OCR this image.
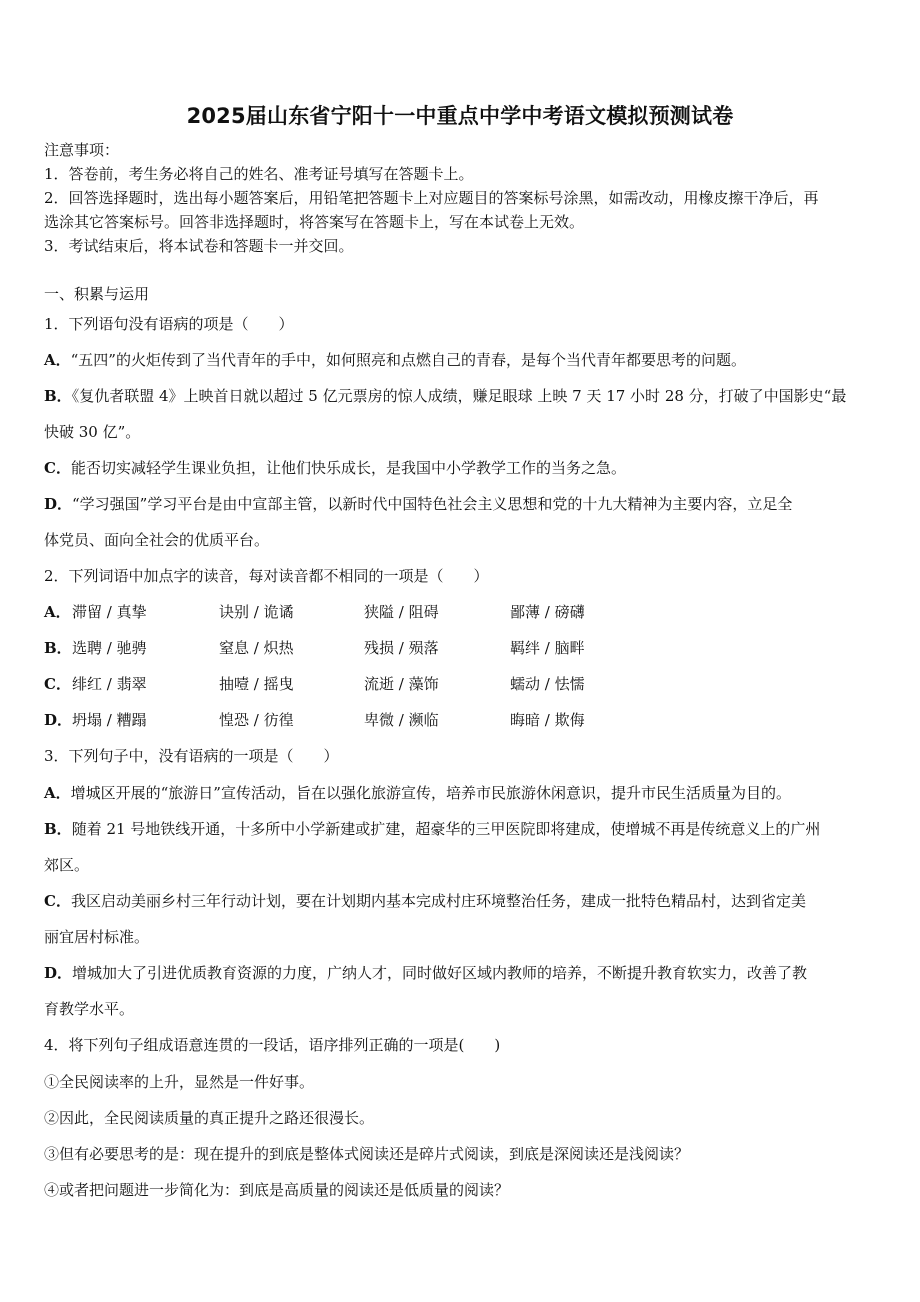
2025届山东省宁阳十一中重点中学中考语文模拟预测试卷
注意事项：
1．答卷前，考生务必将自己的姓名、准考证号填写在答题卡上。
2．回答选择题时，选出每小题答案后，用铅笔把答题卡上对应题目的答案标号涂黑，如需改动，用橡皮擦干净后，再
选涂其它答案标号。回答非选择题时，将答案写在答题卡上，写在本试卷上无效。
3．考试结束后，将本试卷和答题卡一并交回。
一、积累与运用
1．下列语句没有语病的项是（　　）
A．“五四”的火炬传到了当代青年的手中，如何照亮和点燃自己的青春，是每个当代青年都要思考的问题。
B．《复仇者联盟 4》上映首日就以超过 5 亿元票房的惊人成绩，赚足眼球 上映 7 天 17 小时 28 分，打破了中国影史“最
快破 30 亿”。
C．能否切实减轻学生课业负担，让他们快乐成长，是我国中小学教学工作的当务之急。
D．“学习强国”学习平台是由中宣部主管，以新时代中国特色社会主义思想和党的十九大精神为主要内容，立足全
体党员、面向全社会的优质平台。
2．下列词语中加点字的读音，每对读音都不相同的一项是（　　）
A． 滞留 / 真挚	诀别 / 诡谲	狭隘 / 阻碍	鄙薄 / 磅礴
B． 选聘 / 驰骋	窒息 / 炽热	残损 / 殒落	羁绊 / 脑畔
C． 绯红 / 翡翠	抽噎 / 摇曳	流逝 / 藻饰	蠕动 / 怯懦
D． 坍塌 / 糟蹋	惶恐 / 彷徨	卑微 / 濒临	晦暗 / 欺侮
3．下列句子中，没有语病的一项是（　　）
A．增城区开展的“旅游日”宣传活动，旨在以强化旅游宣传，培养市民旅游休闲意识，提升市民生活质量为目的。
B．随着 21 号地铁线开通，十多所中小学新建或扩建，超豪华的三甲医院即将建成，使增城不再是传统意义上的广州
郊区。
C．我区启动美丽乡村三年行动计划，要在计划期内基本完成村庄环境整治任务，建成一批特色精品村，达到省定美
丽宜居村标准。
D．增城加大了引进优质教育资源的力度，广纳人才，同时做好区域内教师的培养，不断提升教育软实力，改善了教
育教学水平。
4．将下列句子组成语意连贯的一段话，语序排列正确的一项是(　　)
①全民阅读率的上升，显然是一件好事。
②因此，全民阅读质量的真正提升之路还很漫长。
③但有必要思考的是：现在提升的到底是整体式阅读还是碎片式阅读，到底是深阅读还是浅阅读？
④或者把问题进一步简化为：到底是高质量的阅读还是低质量的阅读？
